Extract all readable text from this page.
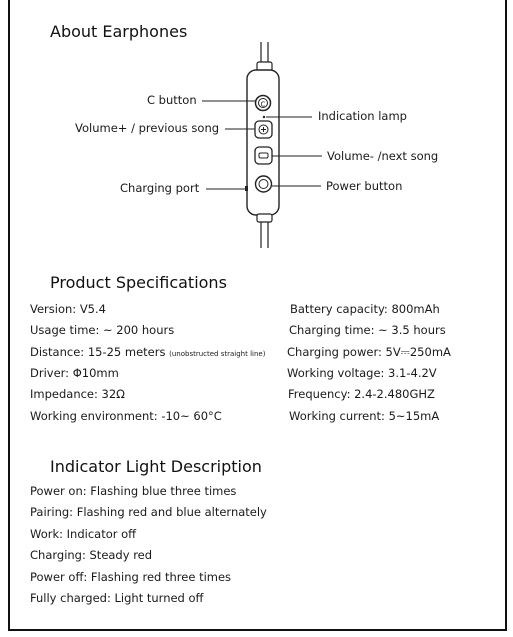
About Earphones
C
C button
Volume+ / previous song
Charging port
Indication lamp
Volume- /next song
Power button
Product Specifications
Version: V5.4
Usage time: ~ 200 hours
Distance: 15-25 meters (unobstructed straight line)
Driver: Φ10mm
Impedance: 32Ω
Working environment: -10~ 60°C
Battery capacity: 800mAh
Charging time: ~ 3.5 hours
Charging power: 5V⎓250mA
Working voltage: 3.1-4.2V
Frequency: 2.4-2.480GHZ
Working current: 5~15mA
Indicator Light Description
Power on: Flashing blue three times
Pairing: Flashing red and blue alternately
Work: Indicator off
Charging: Steady red
Power off: Flashing red three times
Fully charged: Light turned off
